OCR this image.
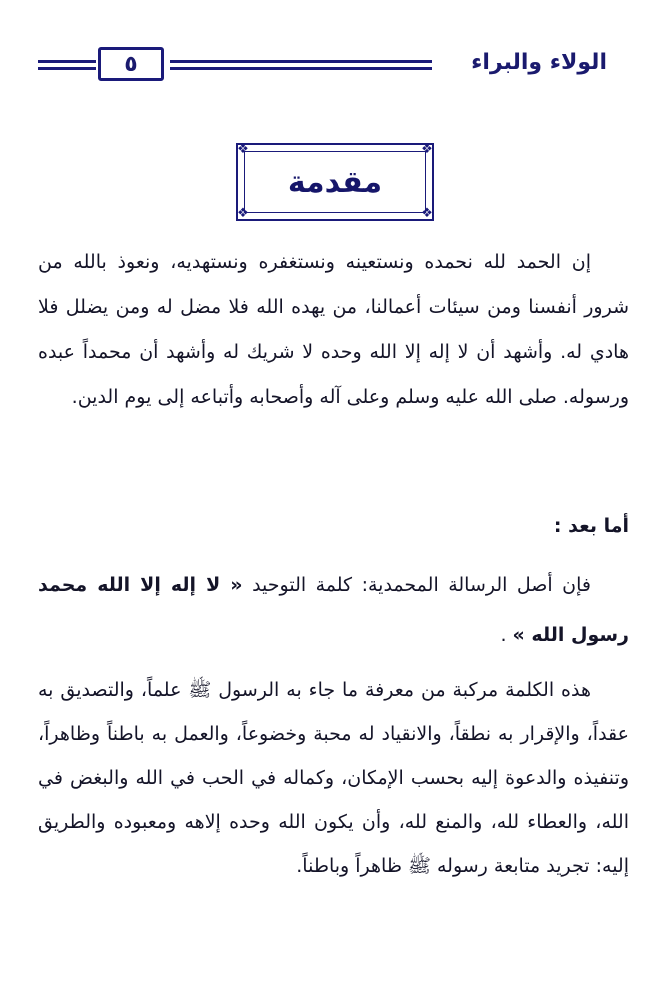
الولاء والبراء
٥
مقدمة
❖	❖
❖	❖
إن الحمد لله نحمده ونستعينه ونستغفره ونستهديه، ونعوذ بالله من شرور أنفسنا ومن سيئات أعمالنا، من يهده الله فلا مضل له ومن يضلل فلا هادي له. وأشهد أن لا إله إلا الله وحده لا شريك له وأشهد أن محمداً عبده ورسوله. صلى الله عليه وسلم وعلى آله وأصحابه وأتباعه إلى يوم الدين.
أما بعد :
فإن أصل الرسالة المحمدية: كلمة التوحيد « لا إله إلا الله محمد رسول الله » .
هذه الكلمة مركبة من معرفة ما جاء به الرسول ﷺ علماً، والتصديق به عقداً، والإقرار به نطقاً، والانقياد له محبة وخضوعاً، والعمل به باطناً وظاهراً، وتنفيذه والدعوة إليه بحسب الإمكان، وكماله في الحب في الله والبغض في الله، والعطاء لله، والمنع لله، وأن يكون الله وحده إلاهه ومعبوده والطريق إليه: تجريد متابعة رسوله ﷺ ظاهراً وباطناً.
